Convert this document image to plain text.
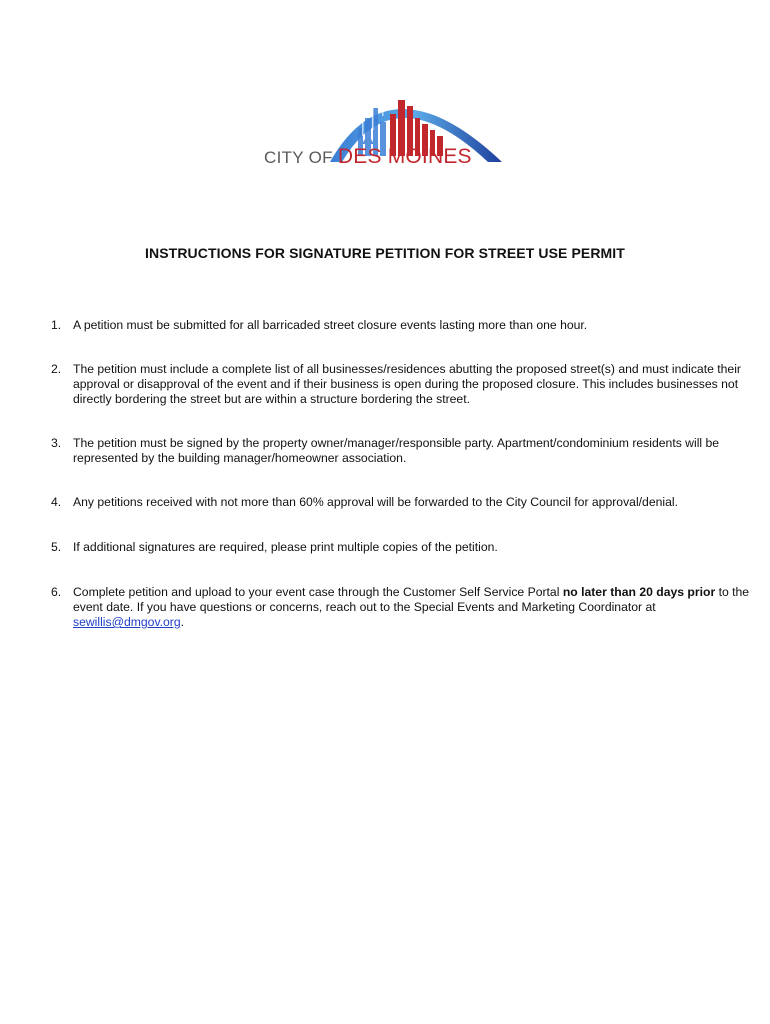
CITY OF DES MOINES
INSTRUCTIONS FOR SIGNATURE PETITION FOR STREET USE PERMIT
1. A petition must be submitted for all barricaded street closure events lasting more than one hour.
2. The petition must include a complete list of all businesses/residences abutting the proposed street(s) and must indicate their approval or disapproval of the event and if their business is open during the proposed closure. This includes businesses not directly bordering the street but are within a structure bordering the street.
3. The petition must be signed by the property owner/manager/responsible party. Apartment/condominium residents will be represented by the building manager/homeowner association.
4. Any petitions received with not more than 60% approval will be forwarded to the City Council for approval/denial.
5. If additional signatures are required, please print multiple copies of the petition.
6. Complete petition and upload to your event case through the Customer Self Service Portal no later than 20 days prior to the event date. If you have questions or concerns, reach out to the Special Events and Marketing Coordinator at sewillis@dmgov.org.
